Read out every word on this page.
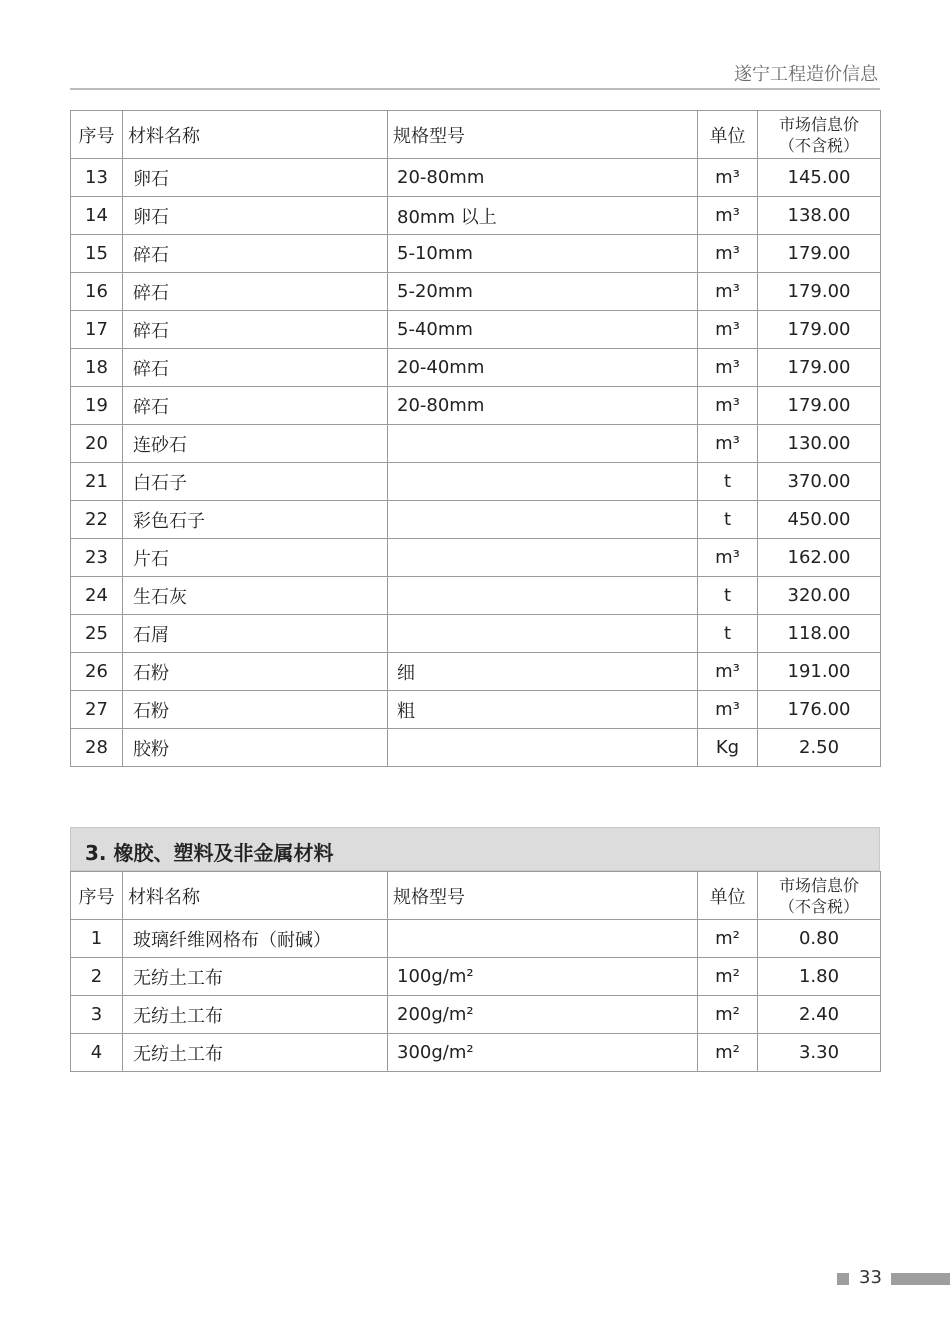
遂宁工程造价信息
序号	材料名称	规格型号	单位	市场信息价
（不含税）

13	卵石	20-80mm	m³	145.00
14	卵石	80mm 以上	m³	138.00
15	碎石	5-10mm	m³	179.00
16	碎石	5-20mm	m³	179.00
17	碎石	5-40mm	m³	179.00
18	碎石	20-40mm	m³	179.00
19	碎石	20-80mm	m³	179.00
20	连砂石		m³	130.00
21	白石子		t	370.00
22	彩色石子		t	450.00
23	片石		m³	162.00
24	生石灰		t	320.00
25	石屑		t	118.00
26	石粉	细	m³	191.00
27	石粉	粗	m³	176.00
28	胶粉		Kg	2.50
3. 橡胶、塑料及非金属材料
序号	材料名称	规格型号	单位	市场信息价
（不含税）

1	玻璃纤维网格布（耐碱）		m²	0.80
2	无纺土工布	100g/m²	m²	1.80
3	无纺土工布	200g/m²	m²	2.40
4	无纺土工布	300g/m²	m²	3.30
33
